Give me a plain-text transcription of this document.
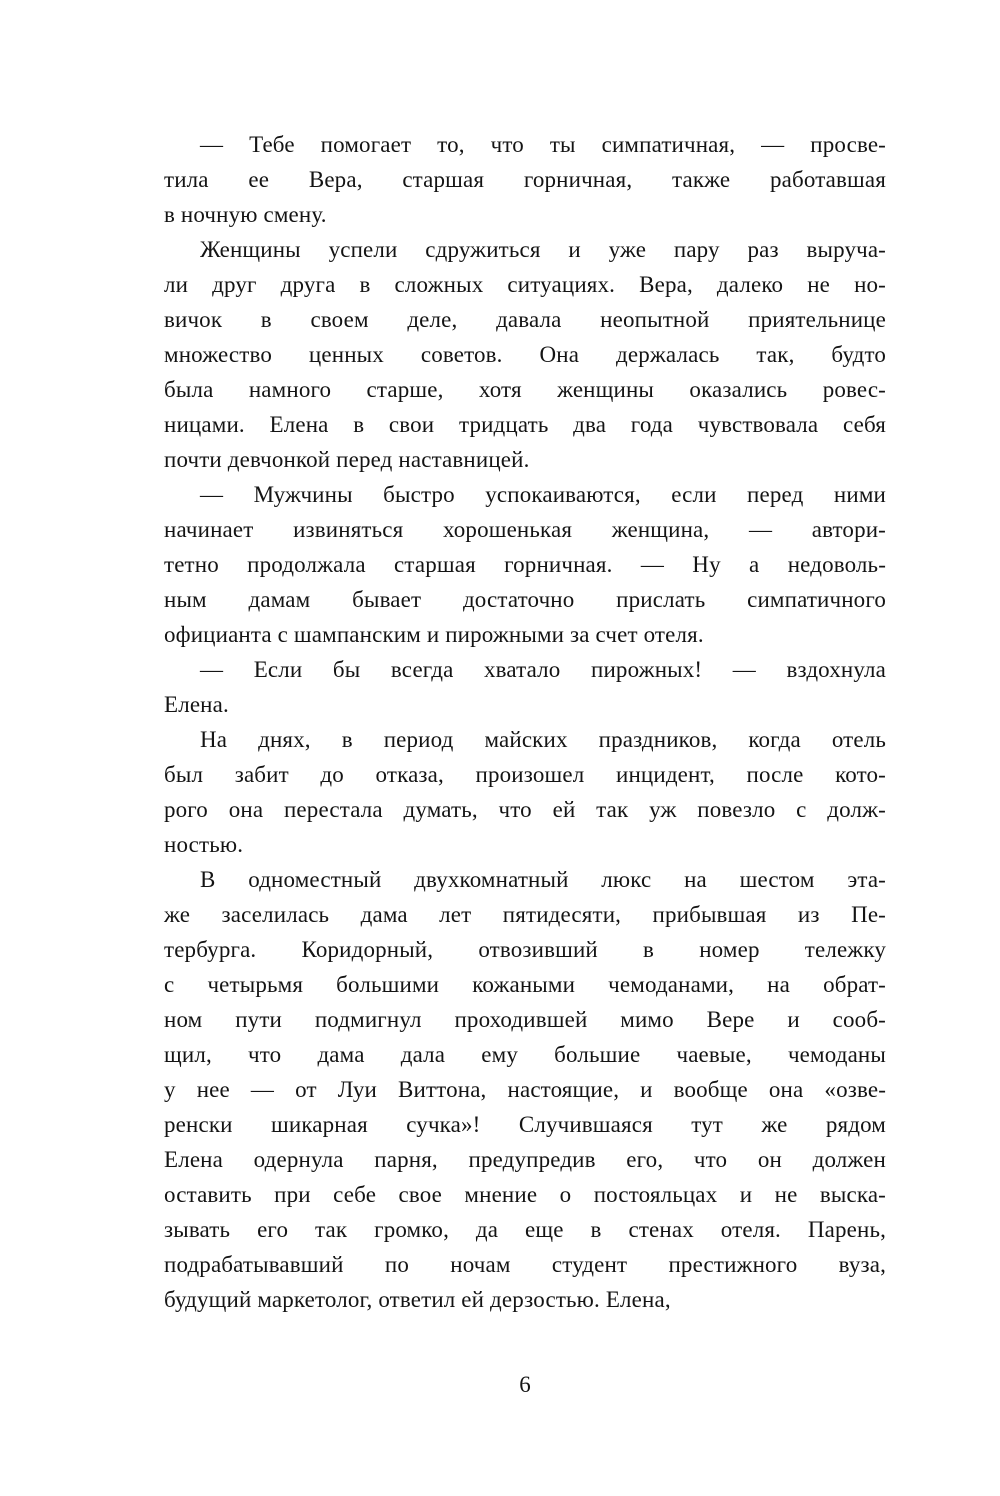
— Тебе помогает то, что ты симпатичная, — просве-
тила ее Вера, старшая горничная, также работавшая
в ночную смену.

Женщины успели сдружиться и уже пару раз выруча-
ли друг друга в сложных ситуациях. Вера, далеко не но-
вичок в своем деле, давала неопытной приятельнице
множество ценных советов. Она держалась так, будто
была намного старше, хотя женщины оказались ровес-
ницами. Елена в свои тридцать два года чувствовала себя
почти девчонкой перед наставницей.

— Мужчины быстро успокаиваются, если перед ними
начинает извиняться хорошенькая женщина, — автори-
тетно продолжала старшая горничная. — Ну а недоволь-
ным дамам бывает достаточно прислать симпатичного
официанта с шампанским и пирожными за счет отеля.

— Если бы всегда хватало пирожных! — вздохнула
Елена.

На днях, в период майских праздников, когда отель
был забит до отказа, произошел инцидент, после кото-
рого она перестала думать, что ей так уж повезло с долж-
ностью.

В одноместный двухкомнатный люкс на шестом эта-
же заселилась дама лет пятидесяти, прибывшая из Пе-
тербурга. Коридорный, отвозивший в номер тележку
с четырьмя большими кожаными чемоданами, на обрат-
ном пути подмигнул проходившей мимо Вере и сооб-
щил, что дама дала ему большие чаевые, чемоданы
у нее — от Луи Виттона, настоящие, и вообще она «озве-
ренски шикарная сучка»! Случившаяся тут же рядом
Елена одернула парня, предупредив его, что он должен
оставить при себе свое мнение о постояльцах и не выска-
зывать его так громко, да еще в стенах отеля. Парень,
подрабатывавший по ночам студент престижного вуза,
будущий маркетолог, ответил ей дерзостью. Елена,

6
